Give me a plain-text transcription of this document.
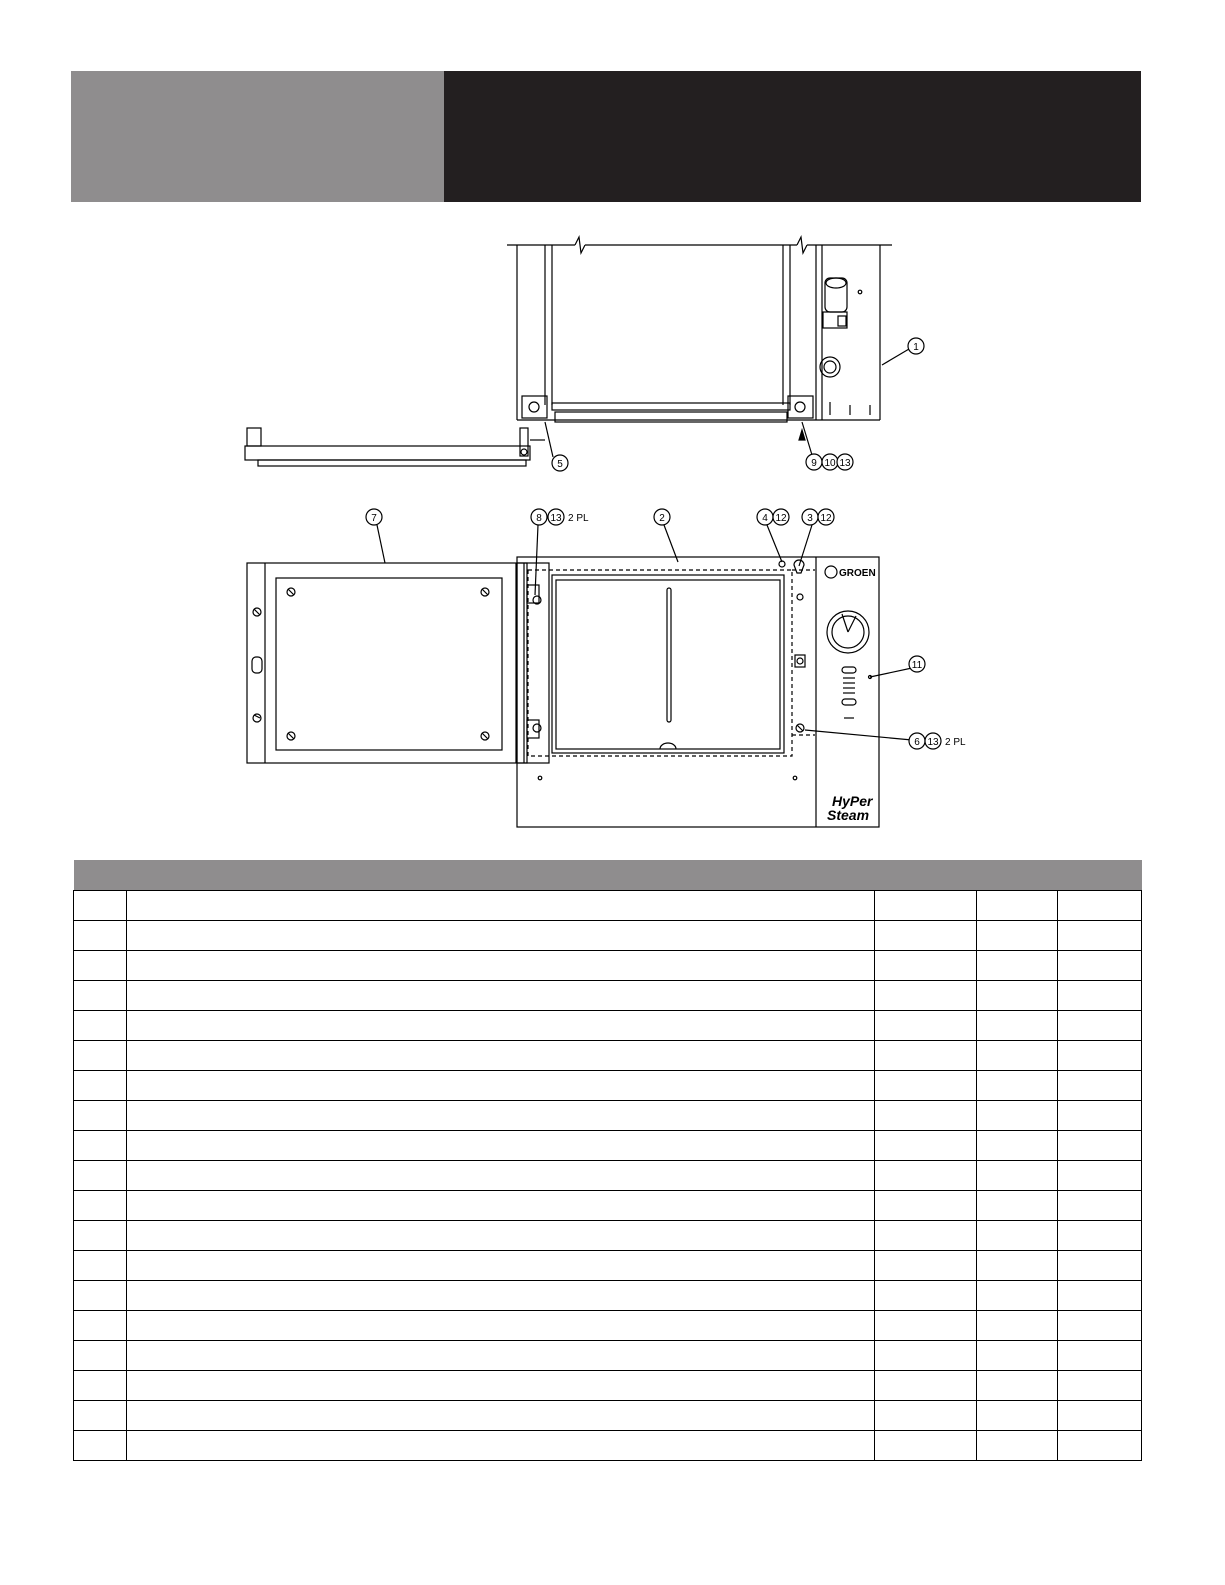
GROEN
HyPer
Steam
1
5	9 10 13
7	8 13	2	4 12 3 12
11
6 13
2 PL
2 PL
